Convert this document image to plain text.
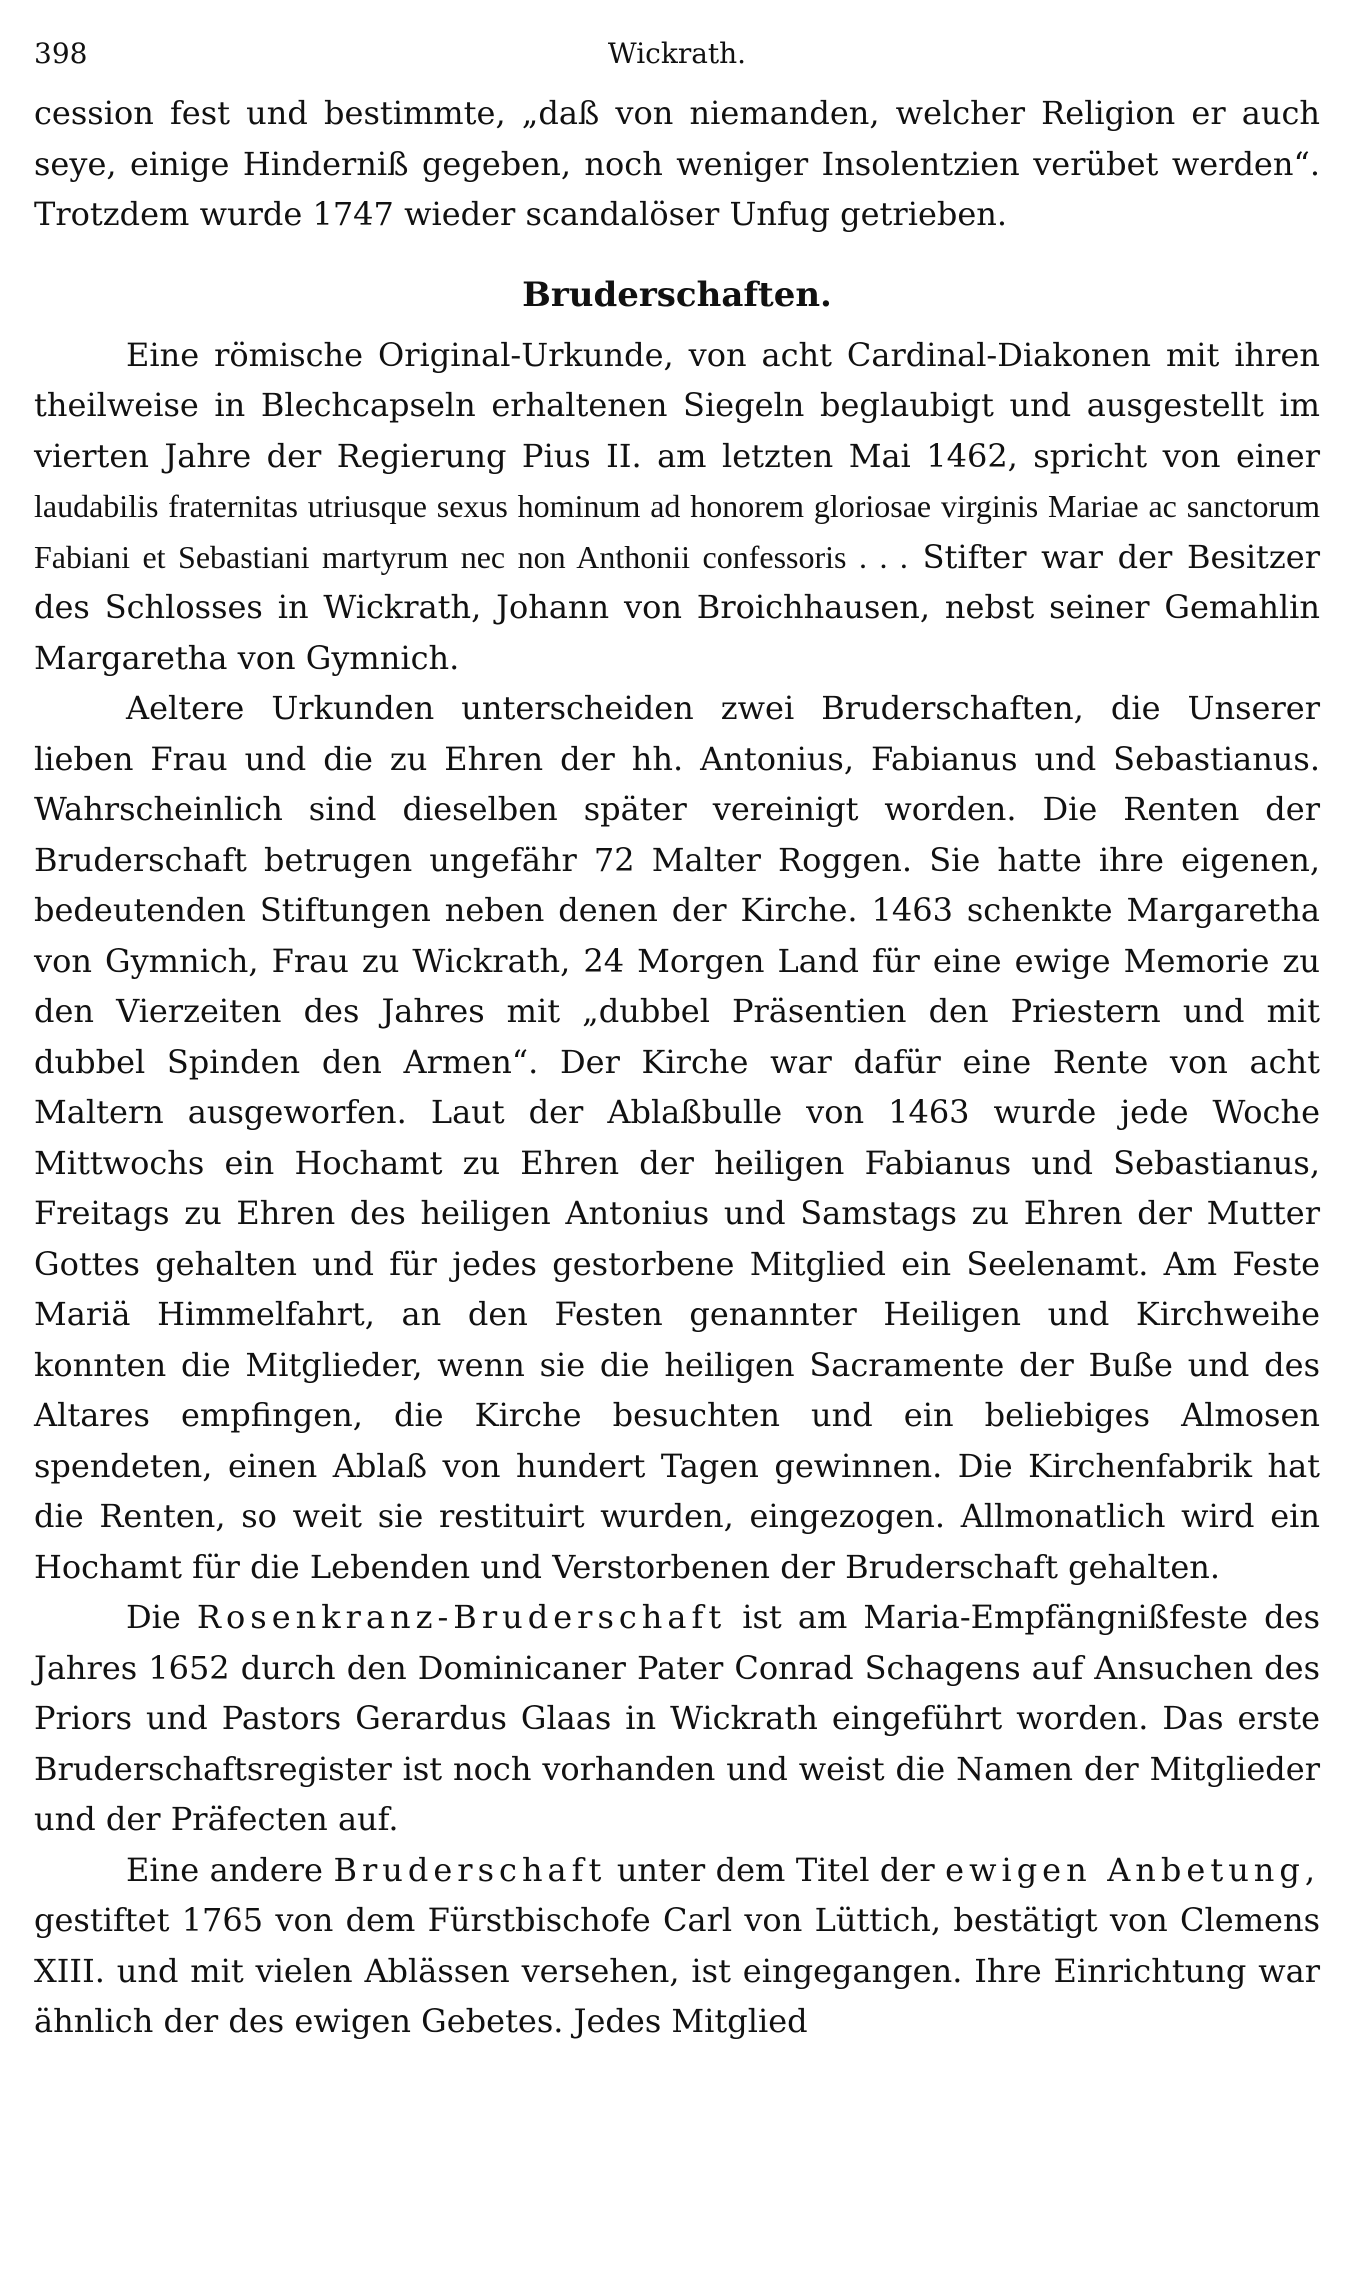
398	Wickrath.

cession fest und bestimmte, „daß von niemanden, welcher Religion er auch seye, einige Hinderniß gegeben, noch weniger Insolentzien verübet werden“. Trotzdem wurde 1747 wieder scandalöser Unfug getrieben.

Bruderschaften.

Eine römische Original-Urkunde, von acht Cardinal-Diakonen mit ihren theilweise in Blechcapseln erhaltenen Siegeln beglaubigt und ausgestellt im vierten Jahre der Regierung Pius II. am letzten Mai 1462, spricht von einer laudabilis fraternitas utriusque sexus hominum ad honorem gloriosae virginis Mariae ac sanctorum Fabiani et Sebastiani martyrum nec non Anthonii confessoris . . . Stifter war der Besitzer des Schlosses in Wickrath, Johann von Broichhausen, nebst seiner Gemahlin Margaretha von Gymnich.

Aeltere Urkunden unterscheiden zwei Bruderschaften, die Unserer lieben Frau und die zu Ehren der hh. Antonius, Fabianus und Sebastianus. Wahrscheinlich sind dieselben später vereinigt worden. Die Renten der Bruderschaft betrugen ungefähr 72 Malter Roggen. Sie hatte ihre eigenen, bedeutenden Stiftungen neben denen der Kirche. 1463 schenkte Margaretha von Gymnich, Frau zu Wickrath, 24 Morgen Land für eine ewige Memorie zu den Vierzeiten des Jahres mit „dubbel Präsentien den Priestern und mit dubbel Spinden den Armen“. Der Kirche war dafür eine Rente von acht Maltern ausgeworfen. Laut der Ablaßbulle von 1463 wurde jede Woche Mittwochs ein Hochamt zu Ehren der heiligen Fabianus und Sebastianus, Freitags zu Ehren des heiligen Antonius und Samstags zu Ehren der Mutter Gottes gehalten und für jedes gestorbene Mitglied ein Seelenamt. Am Feste Mariä Himmelfahrt, an den Festen genannter Heiligen und Kirchweihe konnten die Mitglieder, wenn sie die heiligen Sacramente der Buße und des Altares empfingen, die Kirche besuchten und ein beliebiges Almosen spendeten, einen Ablaß von hundert Tagen gewinnen. Die Kirchenfabrik hat die Renten, so weit sie restituirt wurden, eingezogen. Allmonatlich wird ein Hochamt für die Lebenden und Verstorbenen der Bruderschaft gehalten.

Die Rosenkranz-Bruderschaft ist am Maria-Empfängnißfeste des Jahres 1652 durch den Dominicaner Pater Conrad Schagens auf Ansuchen des Priors und Pastors Gerardus Glaas in Wickrath eingeführt worden. Das erste Bruderschaftsregister ist noch vorhanden und weist die Namen der Mitglieder und der Präfecten auf.

Eine andere Bruderschaft unter dem Titel der ewigen Anbetung, gestiftet 1765 von dem Fürstbischofe Carl von Lüttich, bestätigt von Clemens XIII. und mit vielen Ablässen versehen, ist eingegangen. Ihre Einrichtung war ähnlich der des ewigen Gebetes. Jedes Mitglied
